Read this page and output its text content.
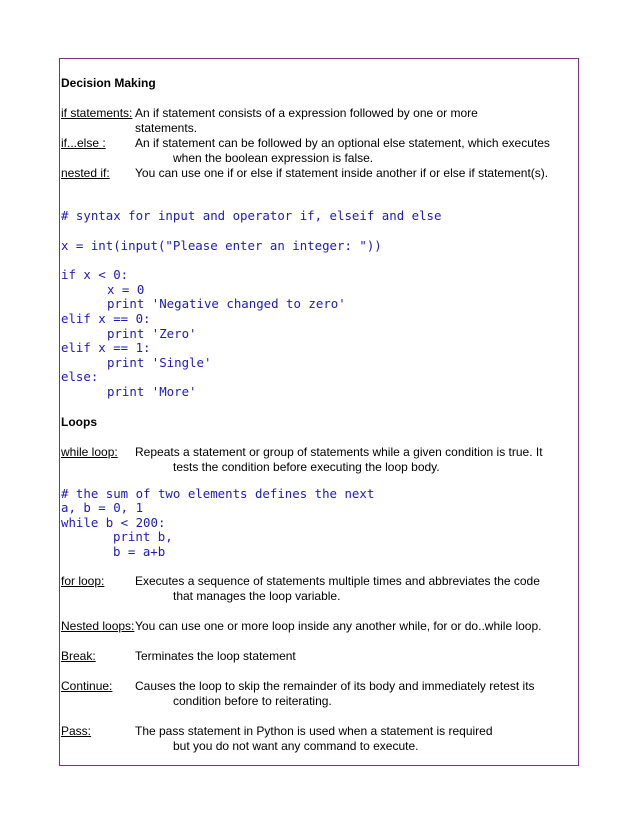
Decision Making

if statements: An if statement consists of a expression followed by one or more
statements.
if...else :	An if statement can be followed by an optional else statement, which executes
when the boolean expression is false.
nested if:	You can use one if or else if statement inside another if or else if statement(s).

# syntax for input and operator if, elseif and else

x = int(input("Please enter an integer: "))

if x < 0:

x = 0

print 'Negative changed to zero'

elif x == 0:

print 'Zero'

elif x == 1:

print 'Single'

else:

print 'More'

Loops

while loop:	Repeats a statement or group of statements while a given condition is true. It
tests the condition before executing the loop body.

# the sum of two elements defines the next

a, b = 0, 1

while b < 200:

print b,

b = a+b

for loop:	Executes a sequence of statements multiple times and abbreviates the code
that manages the loop variable.
Nested loops: You can use one or more loop inside any another while, for or do..while loop.
Break:	Terminates the loop statement
Continue:	Causes the loop to skip the remainder of its body and immediately retest its
condition before to reiterating.
Pass:	The pass statement in Python is used when a statement is required
but you do not want any command to execute.
